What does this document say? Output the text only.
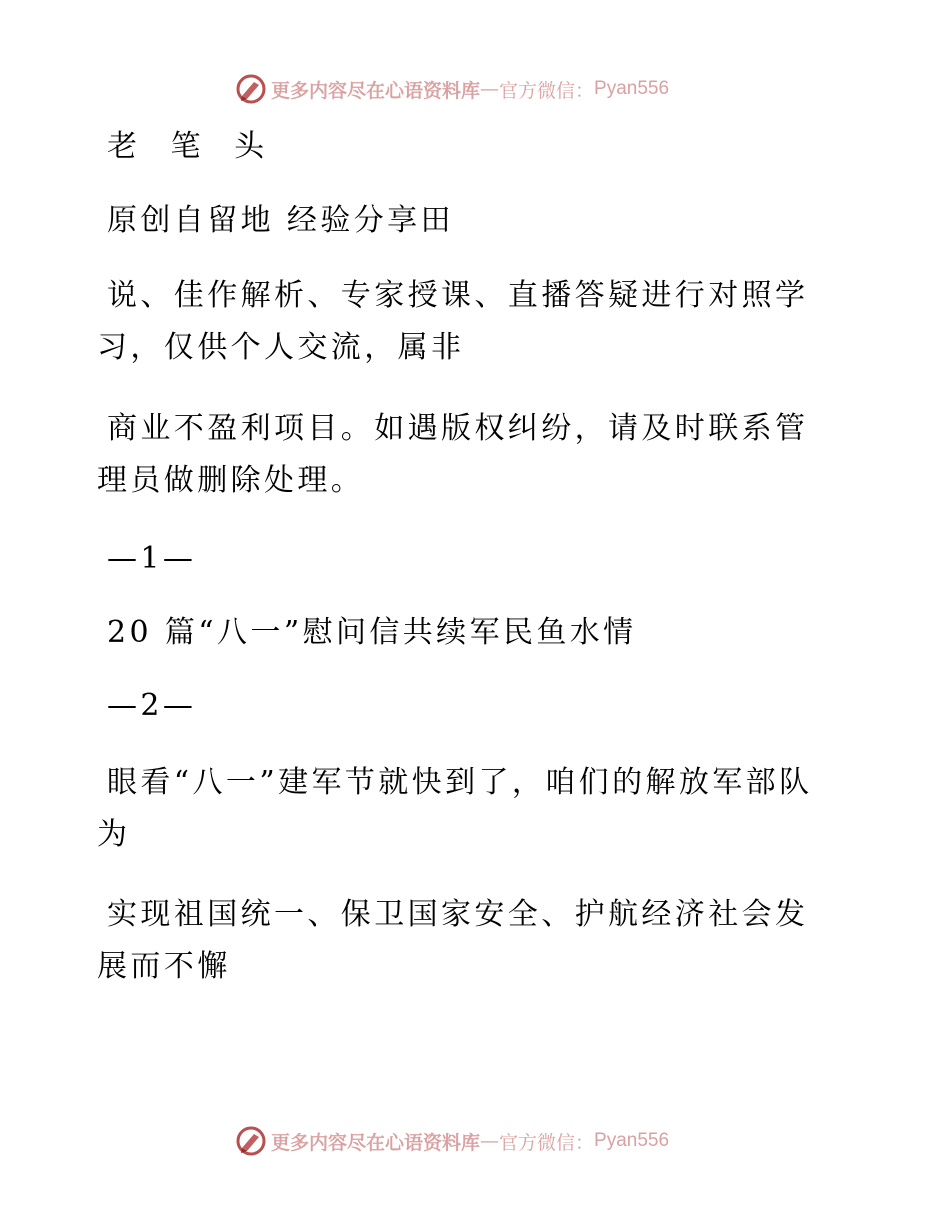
更多内容尽在心语资料库 — 官方微信： Pyan556

老 笔 头

原创自留地 经验分享田

说、佳作解析、专家授课、直播答疑进行对照学习，仅供个人交流，属非

商业不盈利项目。如遇版权纠纷，请及时联系管理员做删除处理。

—1—

20 篇“八一”慰问信共续军民鱼水情

—2—

眼看“八一”建军节就快到了，咱们的解放军部队为

实现祖国统一、保卫国家安全、护航经济社会发展而不懈

更多内容尽在心语资料库 — 官方微信： Pyan556
